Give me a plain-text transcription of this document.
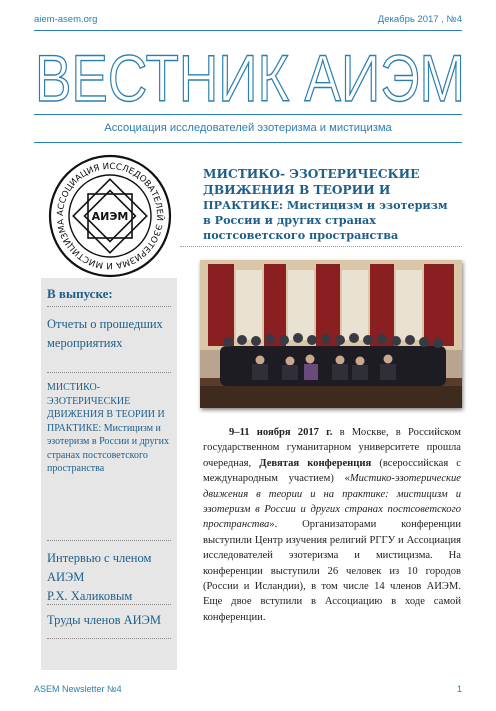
aiem-asem.org	Декабрь 2017 , №4
ВЕСТНИК АИЭМ
Ассоциация исследователей эзотеризма и мистицизма
АССОЦИАЦИЯ ИССЛЕДОВАТЕЛЕЙ ЭЗОТЕРИЗМА И МИСТИЦИЗМА	АИЭМ
МИСТИКО- ЭЗОТЕРИЧЕСКИЕ
ДВИЖЕНИЯ В ТЕОРИИ И
ПРАКТИКЕ: Мистицизм и эзотеризм
в России и других странах
постсоветского пространства
В выпуске:
Отчеты о прошедших мероприятиях
МИСТИКО-ЭЗОТЕРИЧЕСКИЕ ДВИЖЕНИЯ В ТЕОРИИ И ПРАКТИКЕ: Мистицизм и эзотеризм в России и других странах постсоветского пространства
Интервью с членом АИЭМ
Р.Х. Халиковым
Труды членов АИЭМ
9–11 ноября 2017 г. в Москве, в Российском государственном гуманитарном университете прошла очередная, Девятая конференция (всероссийская с международным участием) «Мистико-эзотерические движения в теории и на практике: мистицизм и эзотеризм в России и других странах постсоветского пространства». Организаторами конференции выступили Центр изучения религий РГГУ и Ассоциация исследователей эзотеризма и мистицизма. На конференции выступили 26 человек из 10 городов (России и Исландии), в том числе 14 членов АИЭМ. Еще двое вступили в Ассоциацию в ходе самой конференции.
ASEM Newsletter №4	1
